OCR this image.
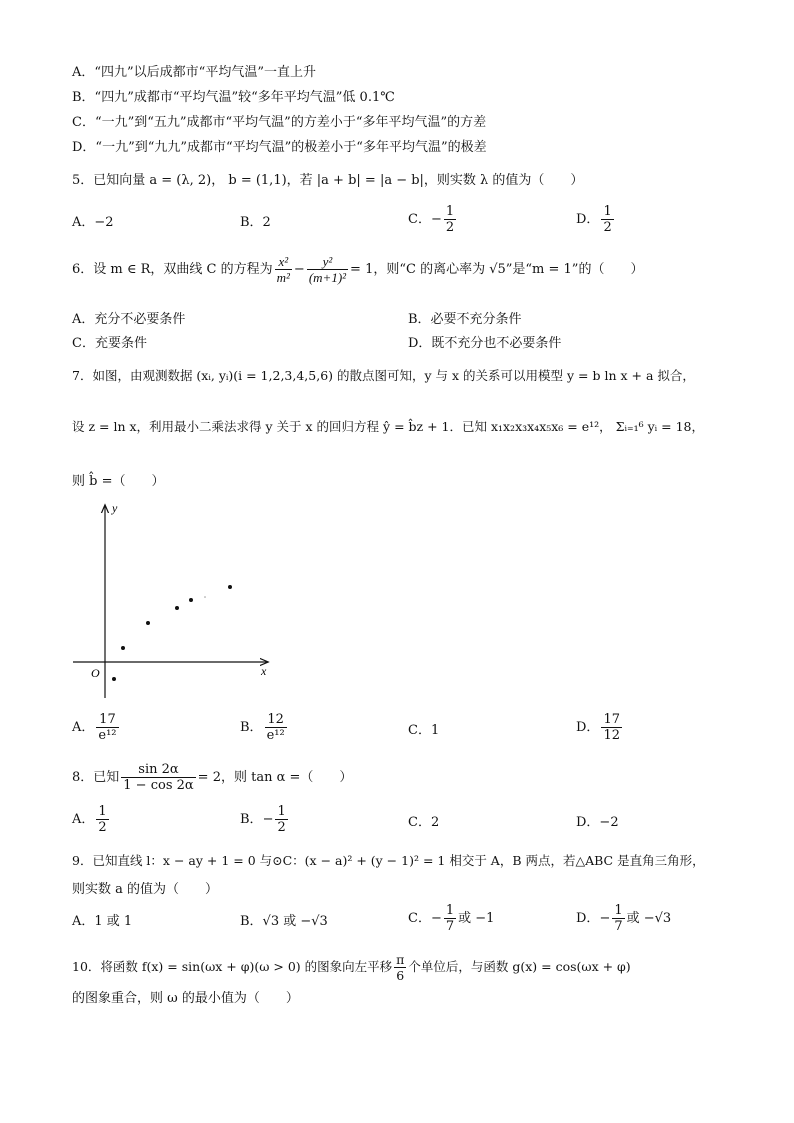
A．“四九”以后成都市“平均气温”一直上升
B．“四九”成都市“平均气温”较“多年平均气温”低 0.1℃
C．“一九”到“五九”成都市“平均气温”的方差小于“多年平均气温”的方差
D．“一九”到“九九”成都市“平均气温”的极差小于“多年平均气温”的极差
5．已知向量 a = (λ, 2)， b = (1,1)，若 |a + b| = |a − b|，则实数 λ 的值为（　　）
A．−2	B．2	C．− $\frac{1}{2}$	D． $\frac{1}{2}$
6．设 m ∈ R，双曲线 C 的方程为 $\frac{\text{x²}}{\text{m²}} - \frac{\text{y²}}{\text{(m+1)²}} = 1$，则“C 的离心率为 √5”是“m = 1”的（　　）
A．充分不必要条件	B．必要不充分条件
C．充要条件	D．既不充分也不必要条件
7．如图，由观测数据 (xᵢ, yᵢ)(i = 1,2,3,4,5,6) 的散点图可知，y 与 x 的关系可以用模型 y = b ln x + a 拟合，
设 z = ln x，利用最小二乘法求得 y 关于 x 的回归方程 ŷ = b̂z + 1．已知 x₁x₂x₃x₄x₅x₆ = e¹²， Σᵢ₌₁⁶ yᵢ = 18，
则 b̂ =（　　）
y
x
O
A． $\frac{17}{\text{e¹²}}$	B． $\frac{12}{\text{e¹²}}$	C．1	D． $\frac{17}{12}$
8．已知 $\frac{\sin 2\alpha}{1 - \cos 2\alpha} = 2$，则 tan α =（　　）
A． $\frac{1}{2}$	B．− $\frac{1}{2}$	C．2	D．−2
9．已知直线 l：x − ay + 1 = 0 与⊙C：(x − a)² + (y − 1)² = 1 相交于 A，B 两点，若△ABC 是直角三角形，
则实数 a 的值为（　　）
A．1 或 1	B．√3 或 −√3	C．− $\frac{1}{7}$ 或 −1	D．− $\frac{1}{7}$ 或 −√3
10．将函数 f(x) = sin(ωx + φ)(ω > 0) 的图象向左平移 $\frac{\pi}{6}$ 个单位后，与函数 g(x) = cos(ωx + φ)
的图象重合，则 ω 的最小值为（　　）
